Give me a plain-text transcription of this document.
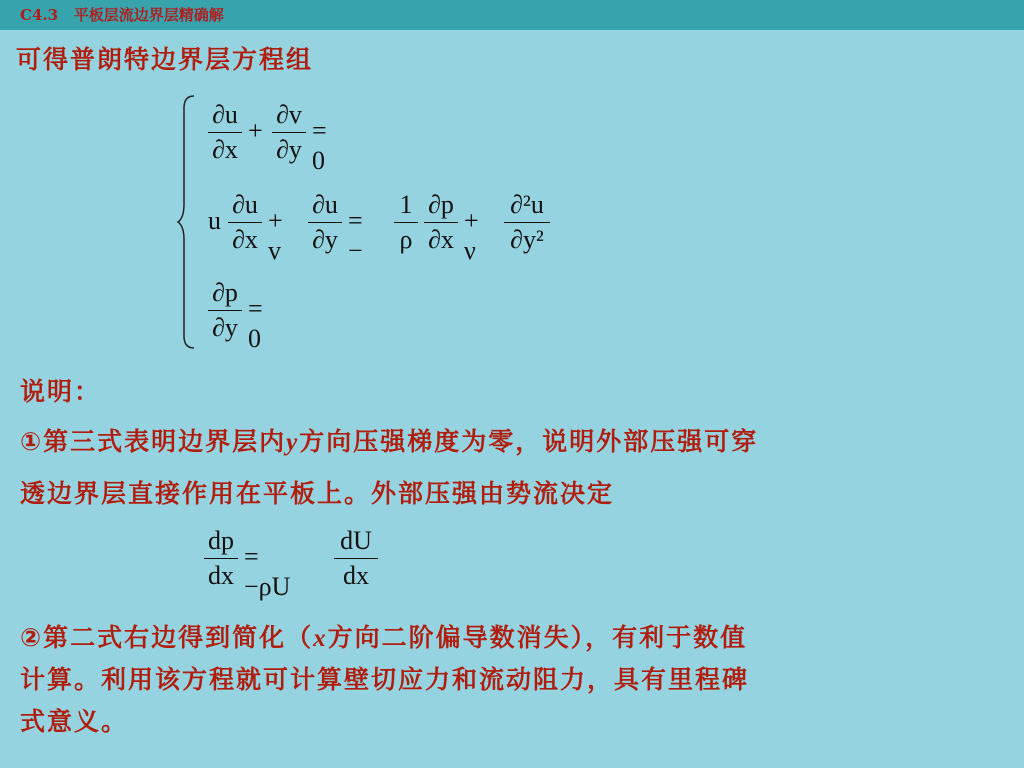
C4.3   平板层流边界层精确解
可得普朗特边界层方程组
∂u
∂x
+
∂v
∂y
= 0
u
∂u
∂x
+ v
∂u
∂y
= −
1
ρ
∂p
∂x
+ ν
∂²u
∂y²
∂p
∂y
= 0
说明：
①第三式表明边界层内y方向压强梯度为零，说明外部压强可穿
透边界层直接作用在平板上。外部压强由势流决定
dp
dx
= −ρU
dU
dx
②第二式右边得到简化（x方向二阶偏导数消失），有利于数值
计算。利用该方程就可计算壁切应力和流动阻力，具有里程碑
式意义。
